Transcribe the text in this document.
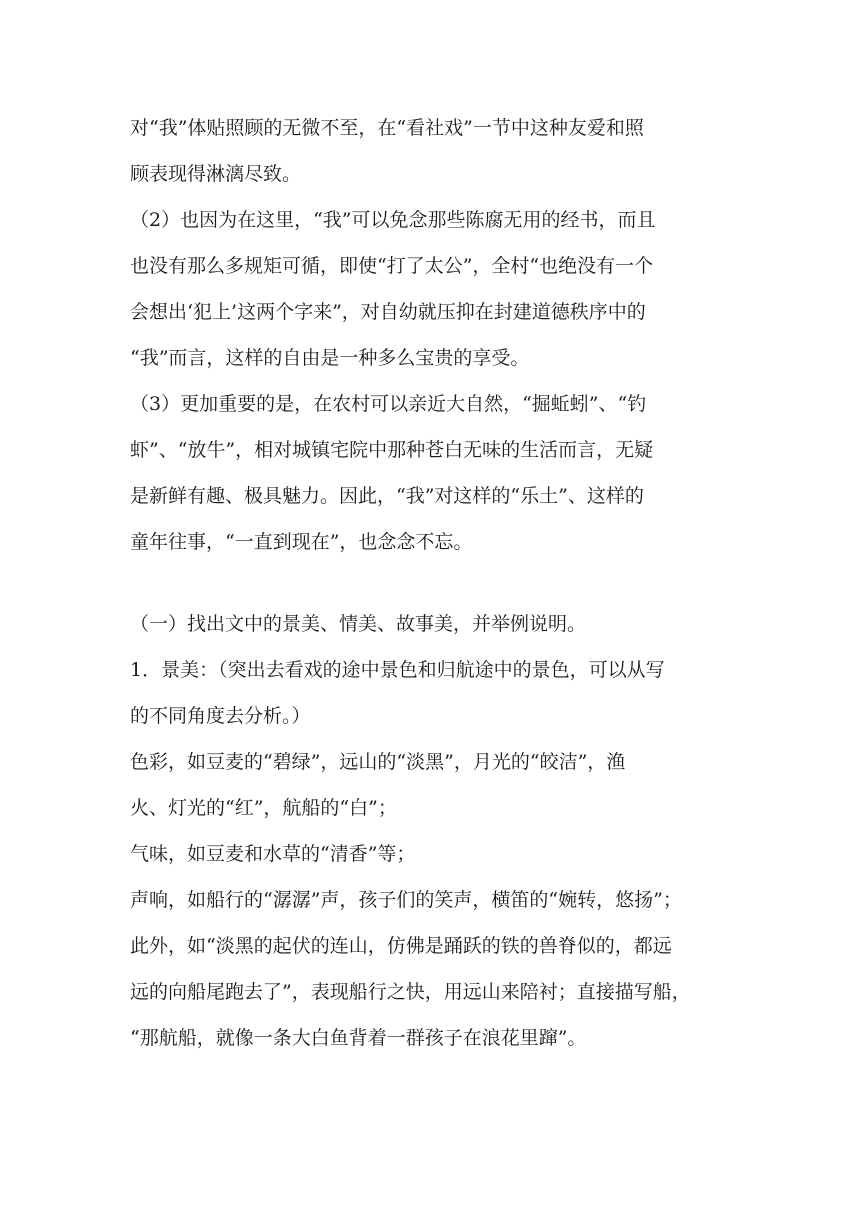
对“我”体贴照顾的无微不至，在“看社戏”一节中这种友爱和照
顾表现得淋漓尽致。
（2）也因为在这里，“我”可以免念那些陈腐无用的经书，而且
也没有那么多规矩可循，即使“打了太公”，全村“也绝没有一个
会想出‘犯上’这两个字来”，对自幼就压抑在封建道德秩序中的
“我”而言，这样的自由是一种多么宝贵的享受。
（3）更加重要的是，在农村可以亲近大自然，“掘蚯蚓”、“钓
虾”、“放牛”，相对城镇宅院中那种苍白无味的生活而言，无疑
是新鲜有趣、极具魅力。因此，“我”对这样的“乐土”、这样的
童年往事，“一直到现在”，也念念不忘。
（一）找出文中的景美、情美、故事美，并举例说明。
1．景美：（突出去看戏的途中景色和归航途中的景色，可以从写
的不同角度去分析。）
色彩，如豆麦的“碧绿”，远山的“淡黑”，月光的“皎洁”，渔
火、灯光的“红”，航船的“白”；
气味，如豆麦和水草的“清香”等；
声响，如船行的“潺潺”声，孩子们的笑声，横笛的“婉转，悠扬”；
此外，如“淡黑的起伏的连山，仿佛是踊跃的铁的兽脊似的，都远
远的向船尾跑去了”，表现船行之快，用远山来陪衬；直接描写船，
“那航船，就像一条大白鱼背着一群孩子在浪花里蹿”。
